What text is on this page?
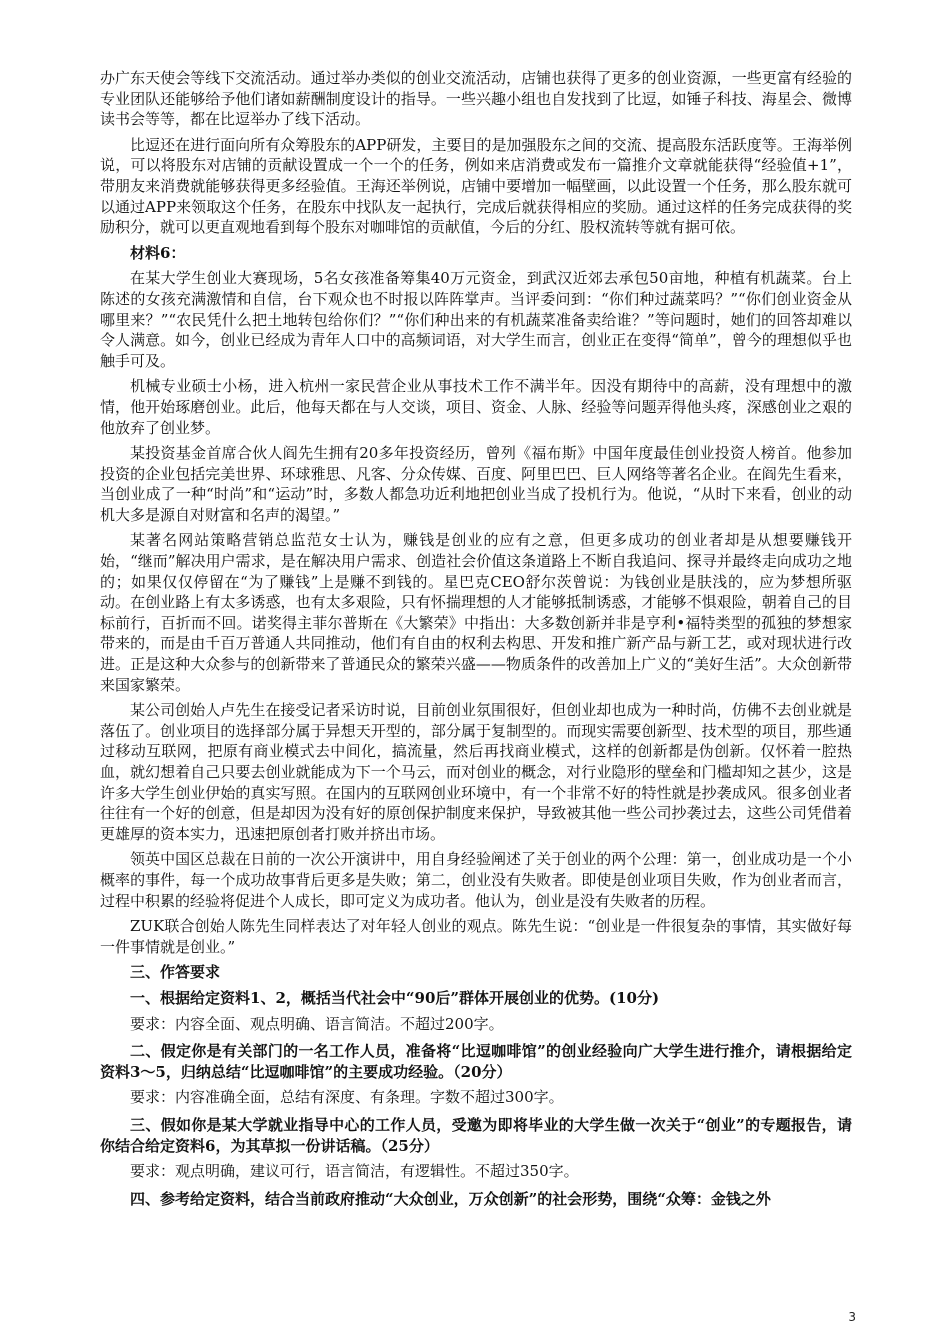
办广东天使会等线下交流活动。通过举办类似的创业交流活动，店铺也获得了更多的创业资源，一些更富有经验的专业团队还能够给予他们诸如薪酬制度设计的指导。一些兴趣小组也自发找到了比逗，如锤子科技、海星会、微博读书会等等，都在比逗举办了线下活动。

比逗还在进行面向所有众筹股东的APP研发，主要目的是加强股东之间的交流、提高股东活跃度等。王海举例说，可以将股东对店铺的贡献设置成一个一个的任务，例如来店消费或发布一篇推介文章就能获得“经验值+1”，带朋友来消费就能够获得更多经验值。王海还举例说，店铺中要增加一幅壁画，以此设置一个任务，那么股东就可以通过APP来领取这个任务，在股东中找队友一起执行，完成后就获得相应的奖励。通过这样的任务完成获得的奖励积分，就可以更直观地看到每个股东对咖啡馆的贡献值，今后的分红、股权流转等就有据可依。

材料6：

在某大学生创业大赛现场，5名女孩准备筹集40万元资金，到武汉近郊去承包50亩地，种植有机蔬菜。台上陈述的女孩充满激情和自信，台下观众也不时报以阵阵掌声。当评委问到：“你们种过蔬菜吗？”“你们创业资金从哪里来？”“农民凭什么把土地转包给你们？”“你们种出来的有机蔬菜准备卖给谁？”等问题时，她们的回答却难以令人满意。如今，创业已经成为青年人口中的高频词语，对大学生而言，创业正在变得“简单”，曾今的理想似乎也触手可及。

机械专业硕士小杨，进入杭州一家民营企业从事技术工作不满半年。因没有期待中的高薪，没有理想中的激情，他开始琢磨创业。此后，他每天都在与人交谈，项目、资金、人脉、经验等问题弄得他头疼，深感创业之艰的他放弃了创业梦。

某投资基金首席合伙人阎先生拥有20多年投资经历，曾列《福布斯》中国年度最佳创业投资人榜首。他参加投资的企业包括完美世界、环球雅思、凡客、分众传媒、百度、阿里巴巴、巨人网络等著名企业。在阎先生看来，当创业成了一种“时尚”和“运动”时，多数人都急功近利地把创业当成了投机行为。他说，“从时下来看，创业的动机大多是源自对财富和名声的渴望。”

某著名网站策略营销总监范女士认为，赚钱是创业的应有之意，但更多成功的创业者却是从想要赚钱开始，“继而”解决用户需求，是在解决用户需求、创造社会价值这条道路上不断自我追问、探寻并最终走向成功之地的；如果仅仅停留在“为了赚钱”上是赚不到钱的。星巴克CEO舒尔茨曾说：为钱创业是肤浅的，应为梦想所驱动。在创业路上有太多诱惑，也有太多艰险，只有怀揣理想的人才能够抵制诱惑，才能够不惧艰险，朝着自己的目标前行，百折而不回。诺奖得主菲尔普斯在《大繁荣》中指出：大多数创新并非是亨利•福特类型的孤独的梦想家带来的，而是由千百万普通人共同推动，他们有自由的权利去构思、开发和推广新产品与新工艺，或对现状进行改进。正是这种大众参与的创新带来了普通民众的繁荣兴盛——物质条件的改善加上广义的“美好生活”。大众创新带来国家繁荣。

某公司创始人卢先生在接受记者采访时说，目前创业氛围很好，但创业却也成为一种时尚，仿佛不去创业就是落伍了。创业项目的选择部分属于异想天开型的，部分属于复制型的。而现实需要创新型、技术型的项目，那些通过移动互联网，把原有商业模式去中间化，搞流量，然后再找商业模式，这样的创新都是伪创新。仅怀着一腔热血，就幻想着自己只要去创业就能成为下一个马云，而对创业的概念，对行业隐形的壁垒和门槛却知之甚少，这是许多大学生创业伊始的真实写照。在国内的互联网创业环境中，有一个非常不好的特性就是抄袭成风。很多创业者往往有一个好的创意，但是却因为没有好的原创保护制度来保护，导致被其他一些公司抄袭过去，这些公司凭借着更雄厚的资本实力，迅速把原创者打败并挤出市场。

领英中国区总裁在日前的一次公开演讲中，用自身经验阐述了关于创业的两个公理：第一，创业成功是一个小概率的事件，每一个成功故事背后更多是失败；第二，创业没有失败者。即使是创业项目失败，作为创业者而言，过程中积累的经验将促进个人成长，即可定义为成功者。他认为，创业是没有失败者的历程。

ZUK联合创始人陈先生同样表达了对年轻人创业的观点。陈先生说：“创业是一件很复杂的事情，其实做好每一件事情就是创业。”

三、作答要求

一、根据给定资料1、2，概括当代社会中“90后”群体开展创业的优势。(10分)

要求：内容全面、观点明确、语言简洁。不超过200字。

二、假定你是有关部门的一名工作人员，准备将“比逗咖啡馆”的创业经验向广大学生进行推介，请根据给定资料3～5，归纳总结“比逗咖啡馆”的主要成功经验。（20分）

要求：内容准确全面，总结有深度、有条理。字数不超过300字。

三、假如你是某大学就业指导中心的工作人员，受邀为即将毕业的大学生做一次关于“创业”的专题报告，请你结合给定资料6，为其草拟一份讲话稿。（25分）

要求：观点明确，建议可行，语言简洁，有逻辑性。不超过350字。

四、参考给定资料，结合当前政府推动“大众创业，万众创新”的社会形势，围绕“众筹：金钱之外

3
